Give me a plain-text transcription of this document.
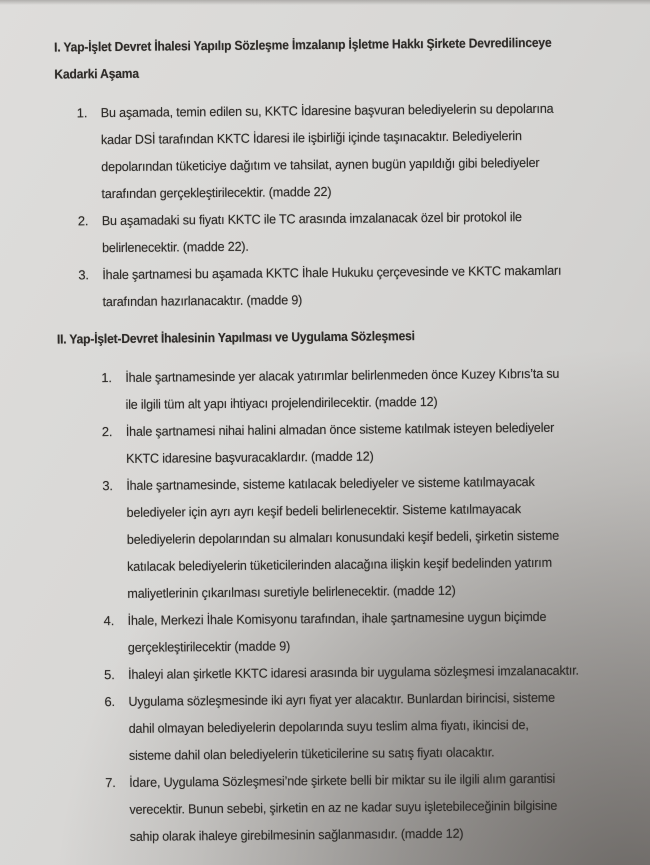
I. Yap-İşlet Devret İhalesi Yapılıp Sözleşme İmzalanıp İşletme Hakkı Şirkete Devredilinceye
Kadarki Aşama
1.	Bu aşamada, temin edilen su, KKTC İdaresine başvuran belediyelerin su depolarına
kadar DSİ tarafından KKTC İdaresi ile işbirliği içinde taşınacaktır. Belediyelerin
depolarından tüketiciye dağıtım ve tahsilat, aynen bugün yapıldığı gibi belediyeler
tarafından gerçekleştirilecektir. (madde 22)
2.	Bu aşamadaki su fiyatı KKTC ile TC arasında imzalanacak özel bir protokol ile
belirlenecektir. (madde 22).
3.	İhale şartnamesi bu aşamada KKTC İhale Hukuku çerçevesinde ve KKTC makamları
tarafından hazırlanacaktır. (madde 9)
II. Yap-İşlet-Devret İhalesinin Yapılması ve Uygulama Sözleşmesi
1.	İhale şartnamesinde yer alacak yatırımlar belirlenmeden önce Kuzey Kıbrıs’ta su
ile ilgili tüm alt yapı ihtiyacı projelendirilecektir. (madde 12)
2.	İhale şartnamesi nihai halini almadan önce sisteme katılmak isteyen belediyeler
KKTC idaresine başvuracaklardır. (madde 12)
3.	İhale şartnamesinde, sisteme katılacak belediyeler ve sisteme katılmayacak
belediyeler için ayrı ayrı keşif bedeli belirlenecektir. Sisteme katılmayacak
belediyelerin depolarından su almaları konusundaki keşif bedeli, şirketin sisteme
katılacak belediyelerin tüketicilerinden alacağına ilişkin keşif bedelinden yatırım
maliyetlerinin çıkarılması suretiyle belirlenecektir. (madde 12)
4.	İhale, Merkezi İhale Komisyonu tarafından, ihale şartnamesine uygun biçimde
gerçekleştirilecektir (madde 9)
5.	İhaleyi alan şirketle KKTC idaresi arasında bir uygulama sözleşmesi imzalanacaktır.
6.	Uygulama sözleşmesinde iki ayrı fiyat yer alacaktır. Bunlardan birincisi, sisteme
dahil olmayan belediyelerin depolarında suyu teslim alma fiyatı, ikincisi de,
sisteme dahil olan belediyelerin tüketicilerine su satış fiyatı olacaktır.
7.	İdare, Uygulama Sözleşmesi’nde şirkete belli bir miktar su ile ilgili alım garantisi
verecektir. Bunun sebebi, şirketin en az ne kadar suyu işletebileceğinin bilgisine
sahip olarak ihaleye girebilmesinin sağlanmasıdır. (madde 12)
